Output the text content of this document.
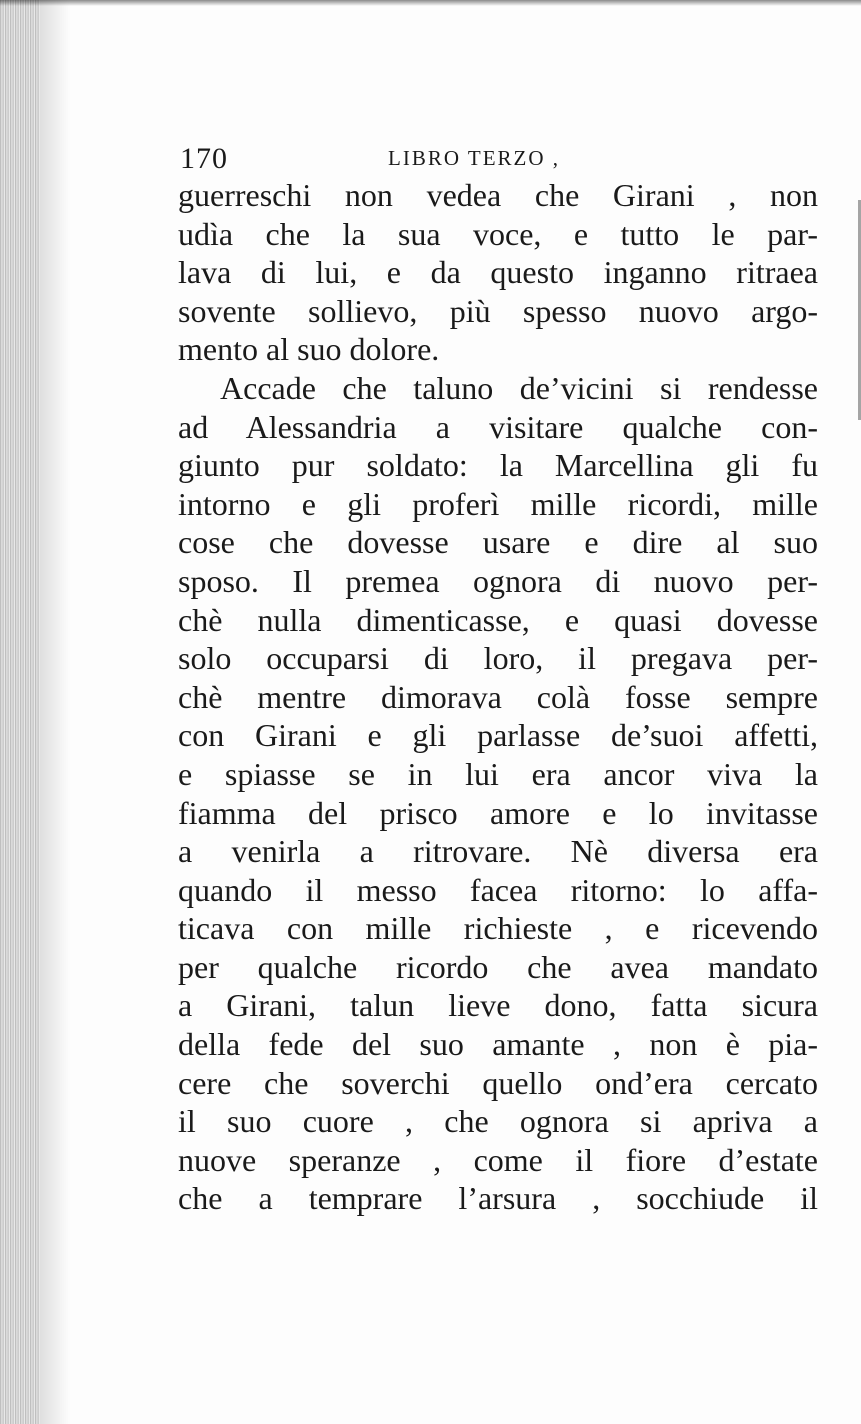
170	LIBRO TERZO ,
guerreschi non vedea che Girani , non
udìa che la sua voce, e tutto le par-
lava di lui, e da questo inganno ritraea
sovente sollievo, più spesso nuovo argo-
mento al suo dolore.
Accade che taluno de’vicini si rendesse
ad Alessandria a visitare qualche con-
giunto pur soldato: la Marcellina gli fu
intorno e gli proferì mille ricordi, mille
cose che dovesse usare e dire al suo
sposo. Il premea ognora di nuovo per-
chè nulla dimenticasse, e quasi dovesse
solo occuparsi di loro, il pregava per-
chè mentre dimorava colà fosse sempre
con Girani e gli parlasse de’suoi affetti,
e spiasse se in lui era ancor viva la
fiamma del prisco amore e lo invitasse
a venirla a ritrovare. Nè diversa era
quando il messo facea ritorno: lo affa-
ticava con mille richieste , e ricevendo
per qualche ricordo che avea mandato
a Girani, talun lieve dono, fatta sicura
della fede del suo amante , non è pia-
cere che soverchi quello ond’era cercato
il suo cuore , che ognora si apriva a
nuove speranze , come il fiore d’estate
che a temprare l’arsura , socchiude il
